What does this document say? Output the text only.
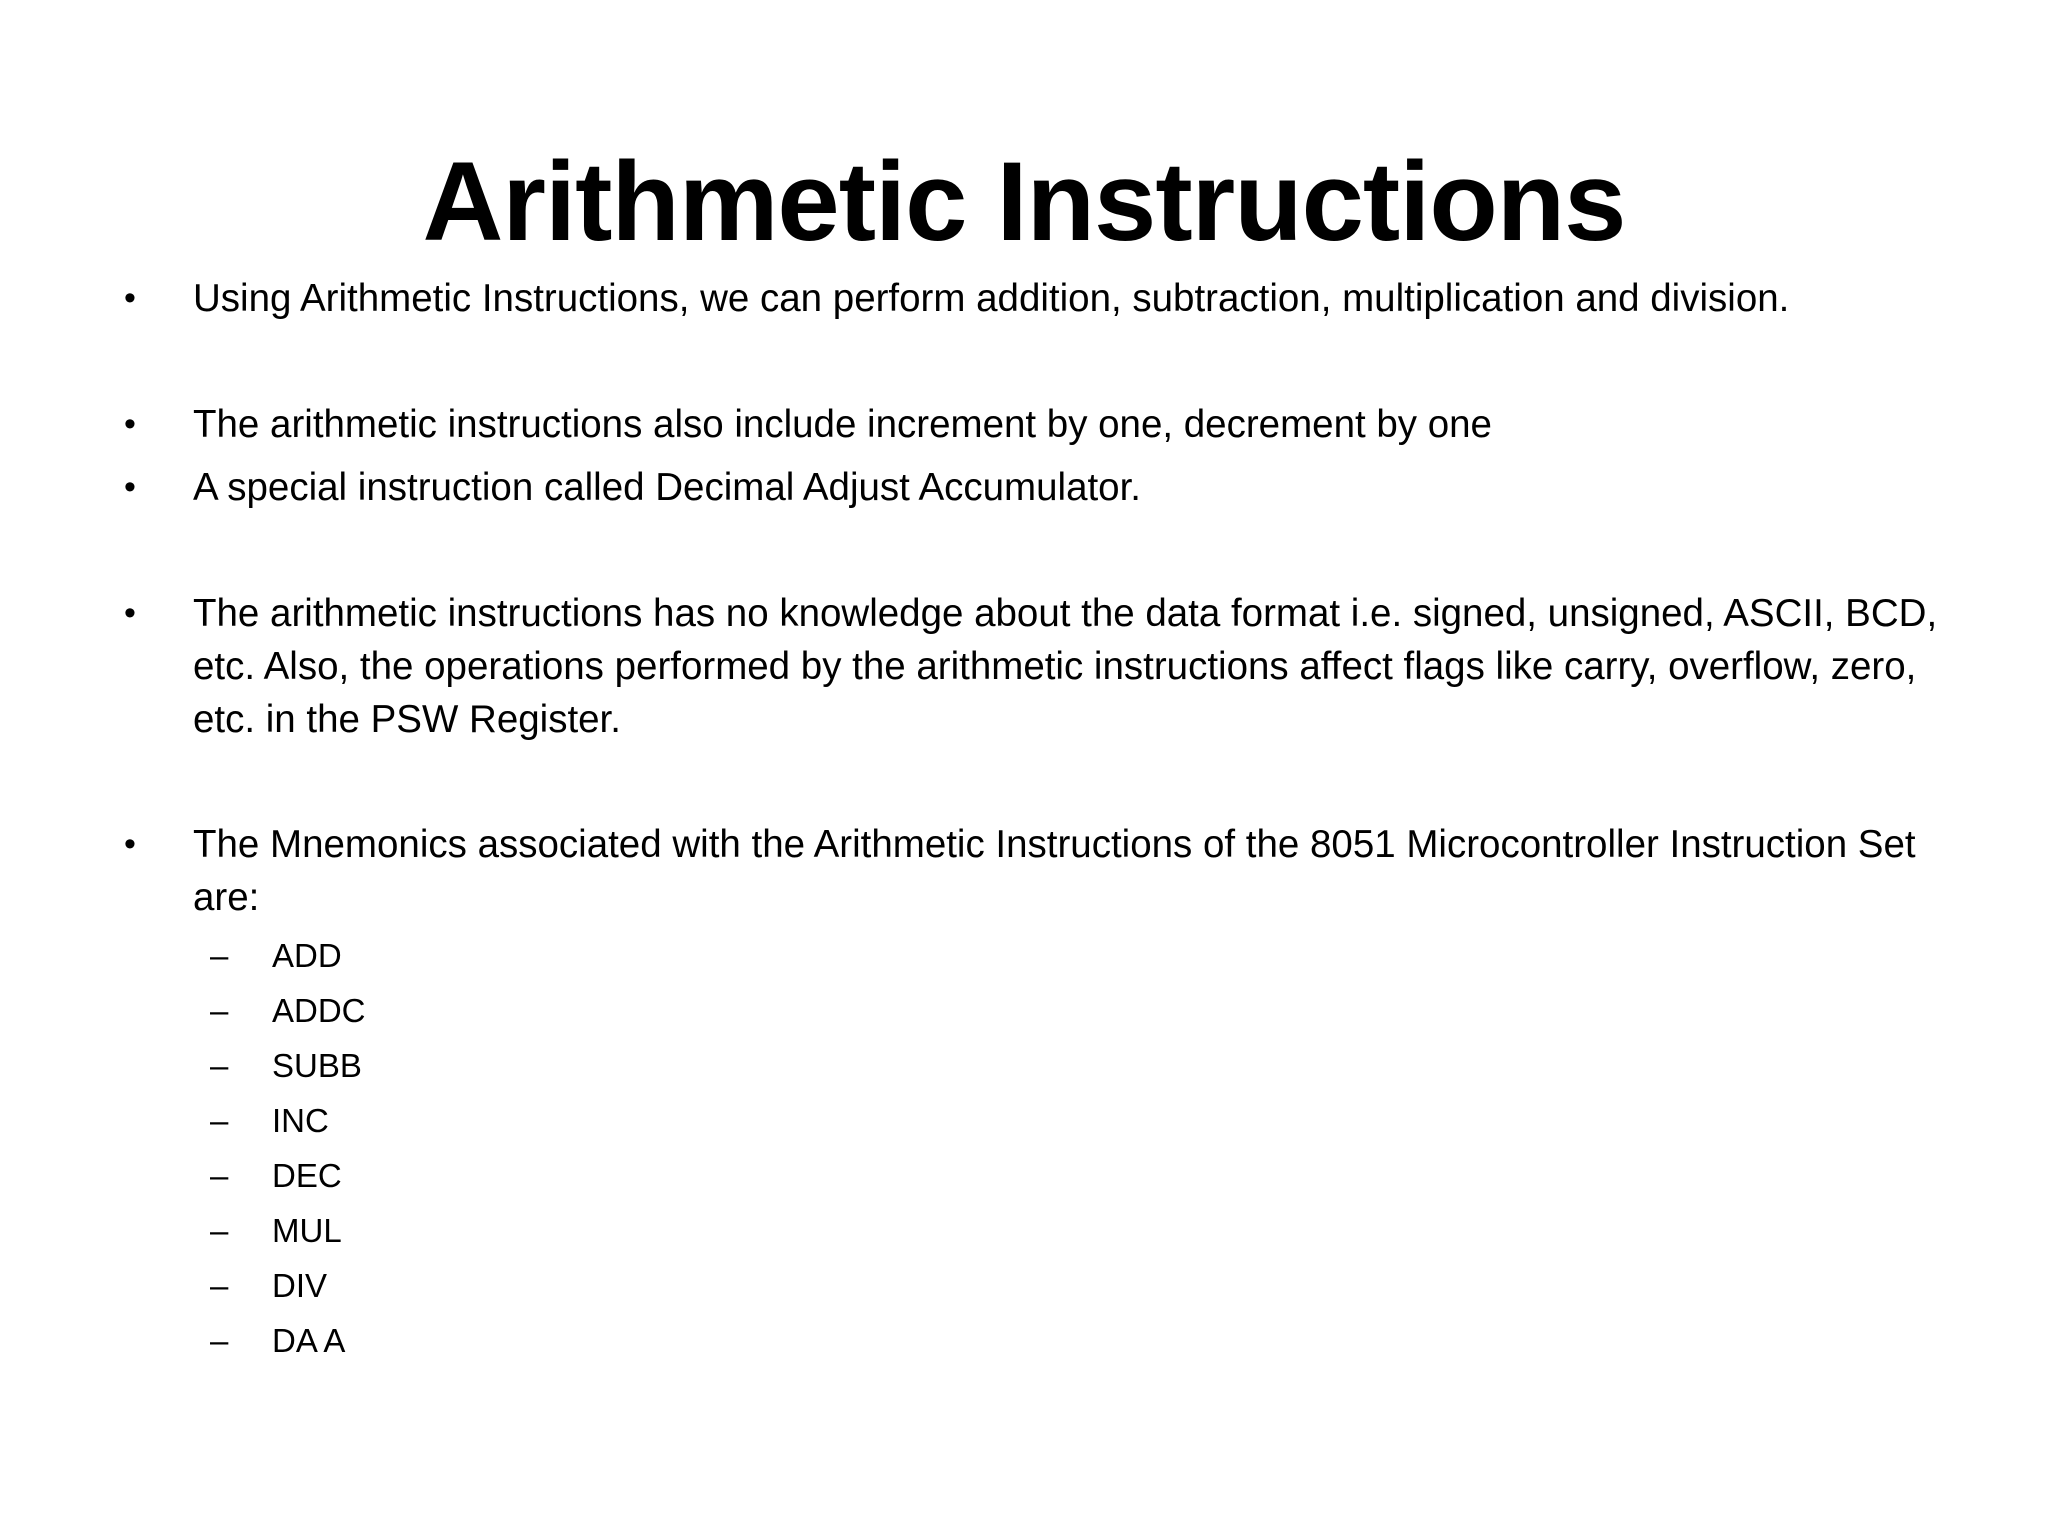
Arithmetic Instructions
•	Using Arithmetic Instructions, we can perform addition, subtraction, multiplication and division.
•	The arithmetic instructions also include increment by one, decrement by one
•	A special instruction called Decimal Adjust Accumulator.
•	The arithmetic instructions has no knowledge about the data format i.e. signed, unsigned, ASCII, BCD, etc. Also, the operations performed by the arithmetic instructions affect flags like carry, overflow, zero, etc. in the PSW Register.
•	The Mnemonics associated with the Arithmetic Instructions of the 8051 Microcontroller Instruction Set are:
– ADD
– ADDC
– SUBB
– INC
– DEC
– MUL
– DIV
– DA A
